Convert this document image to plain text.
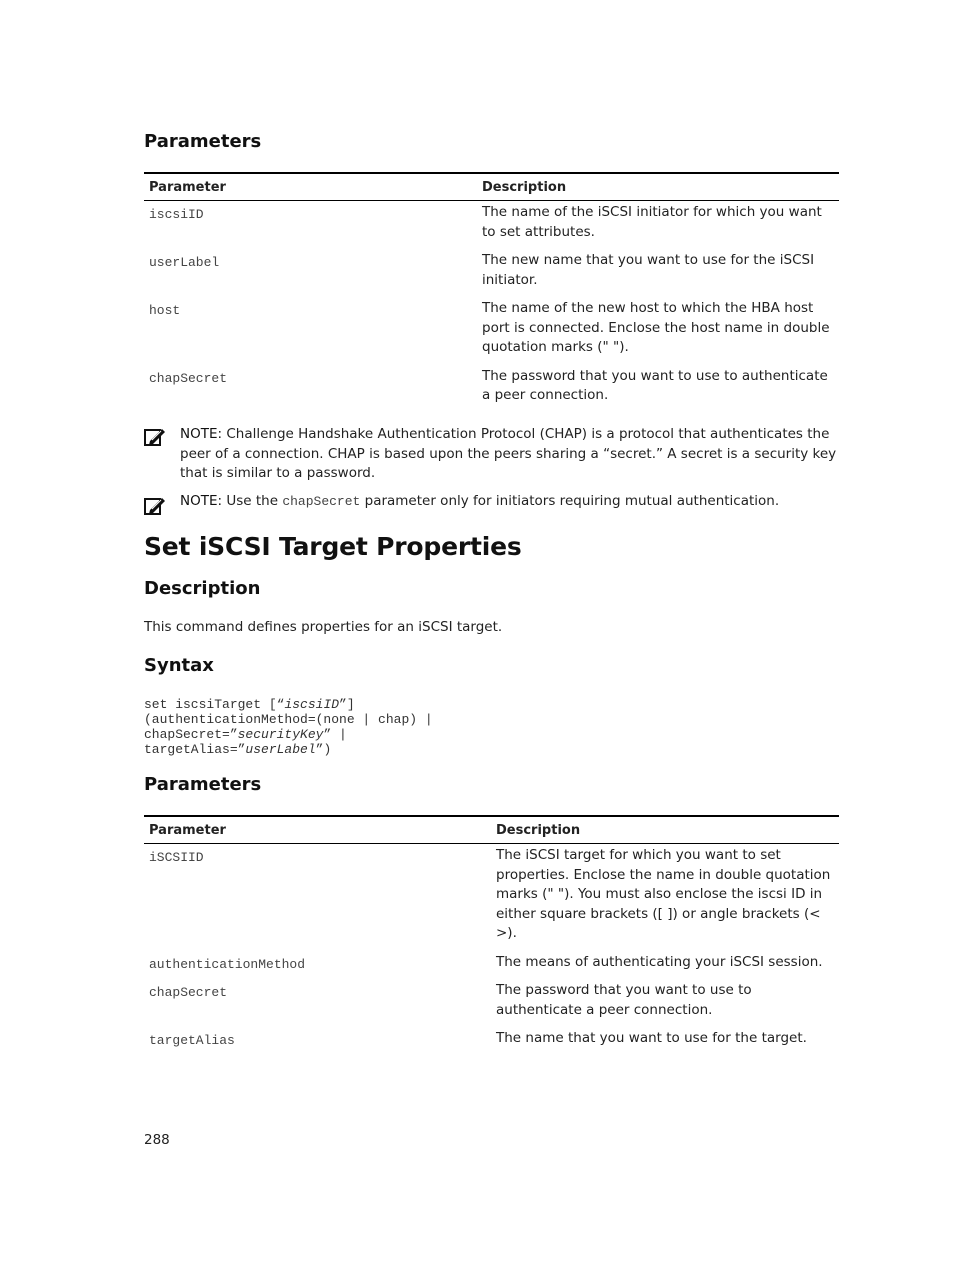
Parameters
Parameter	Description
iscsiID	The name of the iSCSI initiator for which you want to set attributes.
userLabel	The new name that you want to use for the iSCSI initiator.
host	The name of the new host to which the HBA host port is connected. Enclose the host name in double quotation marks (" ").
chapSecret	The password that you want to use to authenticate a peer connection.
NOTE: Challenge Handshake Authentication Protocol (CHAP) is a protocol that authenticates the peer of a connection. CHAP is based upon the peers sharing a “secret.” A secret is a security key that is similar to a password.
NOTE: Use the chapSecret parameter only for initiators requiring mutual authentication.
Set iSCSI Target Properties
Description
This command defines properties for an iSCSI target.
Syntax
set iscsiTarget [“iscsiID”]
(authenticationMethod=(none | chap) |
chapSecret=”securityKey” |
targetAlias=”userLabel”)
Parameters
Parameter	Description
iSCSIID	The iSCSI target for which you want to set properties. Enclose the name in double quotation marks (" "). You must also enclose the iscsi ID in either square brackets ([ ]) or angle brackets (< >).
authenticationMethod	The means of authenticating your iSCSI session.
chapSecret	The password that you want to use to authenticate a peer connection.
targetAlias	The name that you want to use for the target.
288
